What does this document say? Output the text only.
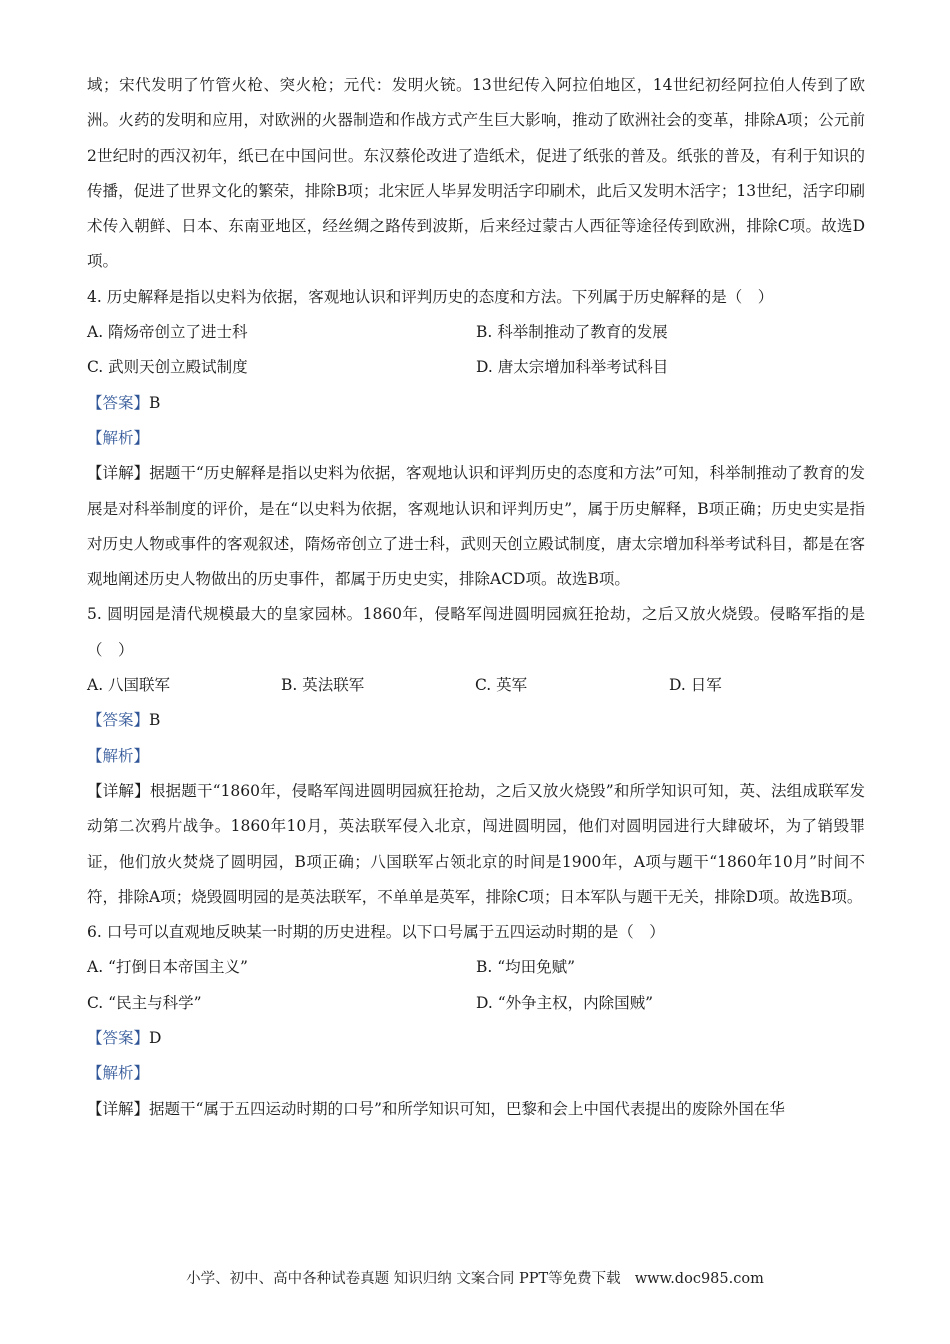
域；宋代发明了竹管火枪、突火枪；元代：发明火铳。13世纪传入阿拉伯地区，14世纪初经阿拉伯人传到了欧洲。火药的发明和应用，对欧洲的火器制造和作战方式产生巨大影响，推动了欧洲社会的变革，排除A项；公元前2世纪时的西汉初年，纸已在中国问世。东汉蔡伦改进了造纸术，促进了纸张的普及。纸张的普及，有利于知识的传播，促进了世界文化的繁荣，排除B项；北宋匠人毕昇发明活字印刷术，此后又发明木活字；13世纪，活字印刷术传入朝鲜、日本、东南亚地区，经丝绸之路传到波斯，后来经过蒙古人西征等途径传到欧洲，排除C项。故选D项。

4. 历史解释是指以史料为依据，客观地认识和评判历史的态度和方法。下列属于历史解释的是（　）

A. 隋炀帝创立了进士科	B. 科举制推动了教育的发展
C. 武则天创立殿试制度	D. 唐太宗增加科举考试科目

【答案】B

【解析】

【详解】据题干“历史解释是指以史料为依据，客观地认识和评判历史的态度和方法”可知，科举制推动了教育的发展是对科举制度的评价，是在“以史料为依据，客观地认识和评判历史”，属于历史解释，B项正确；历史史实是指对历史人物或事件的客观叙述，隋炀帝创立了进士科，武则天创立殿试制度，唐太宗增加科举考试科目，都是在客观地阐述历史人物做出的历史事件，都属于历史史实，排除ACD项。故选B项。

5. 圆明园是清代规模最大的皇家园林。1860年，侵略军闯进圆明园疯狂抢劫，之后又放火烧毁。侵略军指的是（　）

A. 八国联军	B. 英法联军	C. 英军	D. 日军

【答案】B

【解析】

【详解】根据题干“1860年，侵略军闯进圆明园疯狂抢劫，之后又放火烧毁”和所学知识可知，英、法组成联军发动第二次鸦片战争。1860年10月，英法联军侵入北京，闯进圆明园，他们对圆明园进行大肆破坏，为了销毁罪证，他们放火焚烧了圆明园，B项正确；八国联军占领北京的时间是1900年，A项与题干“1860年10月”时间不符，排除A项；烧毁圆明园的是英法联军，不单单是英军，排除C项；日本军队与题干无关，排除D项。故选B项。

6. 口号可以直观地反映某一时期的历史进程。以下口号属于五四运动时期的是（　）

A. “打倒日本帝国主义”	B. “均田免赋”
C. “民主与科学”	D. “外争主权，内除国贼”

【答案】D

【解析】

【详解】据题干“属于五四运动时期的口号”和所学知识可知，巴黎和会上中国代表提出的废除外国在华

小学、初中、高中各种试卷真题 知识归纳 文案合同 PPT等免费下载 www.doc985.com
